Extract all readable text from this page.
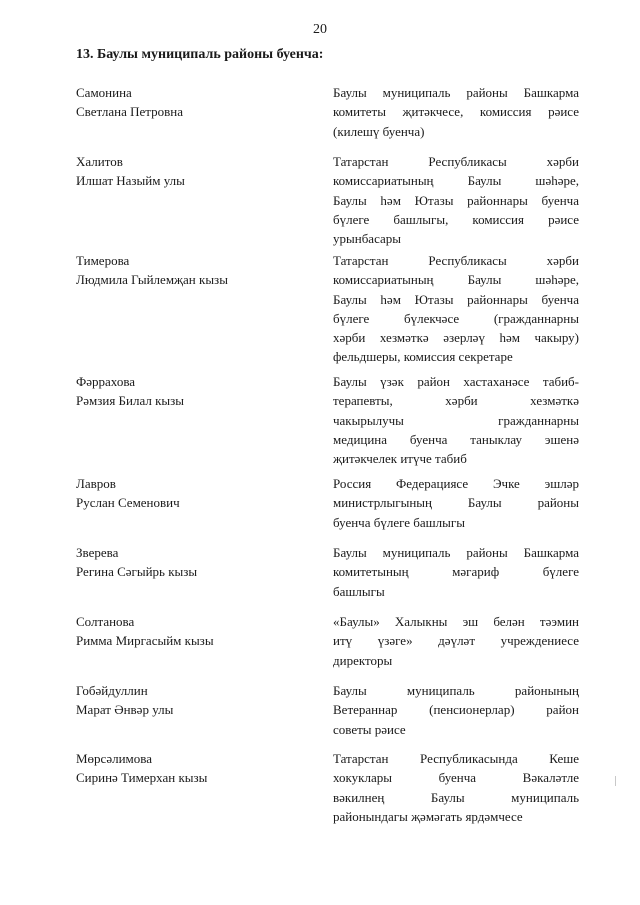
20
13. Баулы муниципаль районы буенча:
Самонина
Светлана Петровна
Баулы муниципаль районы Башкарма
комитеты җитәкчесе, комиссия рәисе
(килешү буенча)
Халитов
Илшат Назыйм улы
Татарстан Республикасы хәрби
комиссариатының Баулы шәһәре,
Баулы һәм Ютазы районнары буенча
бүлеге башлыгы, комиссия рәисе
урынбасары
Тимерова
Людмила Гыйлемҗан кызы
Татарстан Республикасы хәрби
комиссариатының Баулы шәһәре,
Баулы һәм Ютазы районнары буенча
бүлеге бүлекчәсе (гражданнарны
хәрби хезмәткә әзерләү һәм чакыру)
фельдшеры, комиссия секретаре
Фәррахова
Рәмзия Билал кызы
Баулы үзәк район хастаханәсе табиб-
терапевты, хәрби хезмәткә
чакырылучы гражданнарны
медицина буенча таныклау эшенә
җитәкчелек итүче табиб
Лавров
Руслан Семенович
Россия Федерациясе Эчке эшләр
министрлыгының Баулы районы
буенча бүлеге башлыгы
Зверева
Регина Сәгыйрь кызы
Баулы муниципаль районы Башкарма
комитетының мәгариф бүлеге
башлыгы
Солтанова
Римма Миргасыйм кызы
«Баулы» Халыкны эш белән тәэмин
итү үзәге» дәүләт учреждениесе
директоры
Гобәйдуллин
Марат Әнвәр улы
Баулы муниципаль районының
Ветераннар (пенсионерлар) район
советы рәисе
Мөрсәлимова
Сиринә Тимерхан кызы
Татарстан Республикасында Кеше
хокуклары буенча Вәкаләтле
вәкилнең Баулы муниципаль
районындагы җәмәгать ярдәмчесе
